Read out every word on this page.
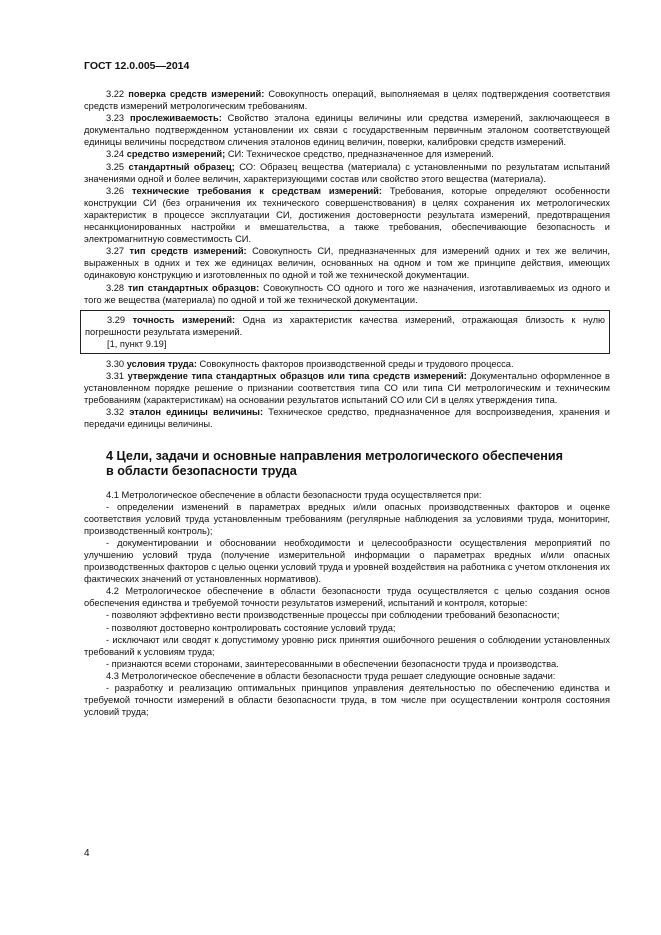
ГОСТ 12.0.005—2014

3.22 поверка средств измерений: Совокупность операций, выполняемая в целях подтверждения соответствия средств измерений метрологическим требованиям.

3.23 прослеживаемость: Свойство эталона единицы величины или средства измерений, заключающееся в документально подтвержденном установлении их связи с государственным первичным эталоном соответствующей единицы величины посредством сличения эталонов единиц величин, поверки, калибровки средств измерений.

3.24 средство измерений; СИ: Техническое средство, предназначенное для измерений.

3.25 стандартный образец; СО: Образец вещества (материала) с установленными по результатам испытаний значениями одной и более величин, характеризующими состав или свойство этого вещества (материала).

3.26 технические требования к средствам измерений: Требования, которые определяют особенности конструкции СИ (без ограничения их технического совершенствования) в целях сохранения их метрологических характеристик в процессе эксплуатации СИ, достижения достоверности результата измерений, предотвращения несанкционированных настройки и вмешательства, а также требования, обеспечивающие безопасность и электромагнитную совместимость СИ.

3.27 тип средств измерений: Совокупность СИ, предназначенных для измерений одних и тех же величин, выраженных в одних и тех же единицах величин, основанных на одном и том же принципе действия, имеющих одинаковую конструкцию и изготовленных по одной и той же технической документации.

3.28 тип стандартных образцов: Совокупность СО одного и того же назначения, изготавливаемых из одного и того же вещества (материала) по одной и той же технической документации.

3.29 точность измерений: Одна из характеристик качества измерений, отражающая близость к нулю погрешности результата измерений.

[1, пункт 9.19]

3.30 условия труда: Совокупность факторов производственной среды и трудового процесса.

3.31 утверждение типа стандартных образцов или типа средств измерений: Документально оформленное в установленном порядке решение о признании соответствия типа СО или типа СИ метрологическим и техническим требованиям (характеристикам) на основании результатов испытаний СО или СИ в целях утверждения типа.

3.32 эталон единицы величины: Техническое средство, предназначенное для воспроизведения, хранения и передачи единицы величины.

4 Цели, задачи и основные направления метрологического обеспечения
в области безопасности труда

4.1 Метрологическое обеспечение в области безопасности труда осуществляется при:

- определении изменений в параметрах вредных и/или опасных производственных факторов и оценке соответствия условий труда установленным требованиям (регулярные наблюдения за условиями труда, мониторинг, производственный контроль);

- документировании и обосновании необходимости и целесообразности осуществления мероприятий по улучшению условий труда (получение измерительной информации о параметрах вредных и/или опасных производственных факторов с целью оценки условий труда и уровней воздействия на работника с учетом отклонения их фактических значений от установленных нормативов).

4.2 Метрологическое обеспечение в области безопасности труда осуществляется с целью создания основ обеспечения единства и требуемой точности результатов измерений, испытаний и контроля, которые:

- позволяют эффективно вести производственные процессы при соблюдении требований безопасности;

- позволяют достоверно контролировать состояние условий труда;

- исключают или сводят к допустимому уровню риск принятия ошибочного решения о соблюдении установленных требований к условиям труда;

- признаются всеми сторонами, заинтересованными в обеспечении безопасности труда и производства.

4.3 Метрологическое обеспечение в области безопасности труда решает следующие основные задачи:

- разработку и реализацию оптимальных принципов управления деятельностью по обеспечению единства и требуемой точности измерений в области безопасности труда, в том числе при осуществлении контроля состояния условий труда;

4
